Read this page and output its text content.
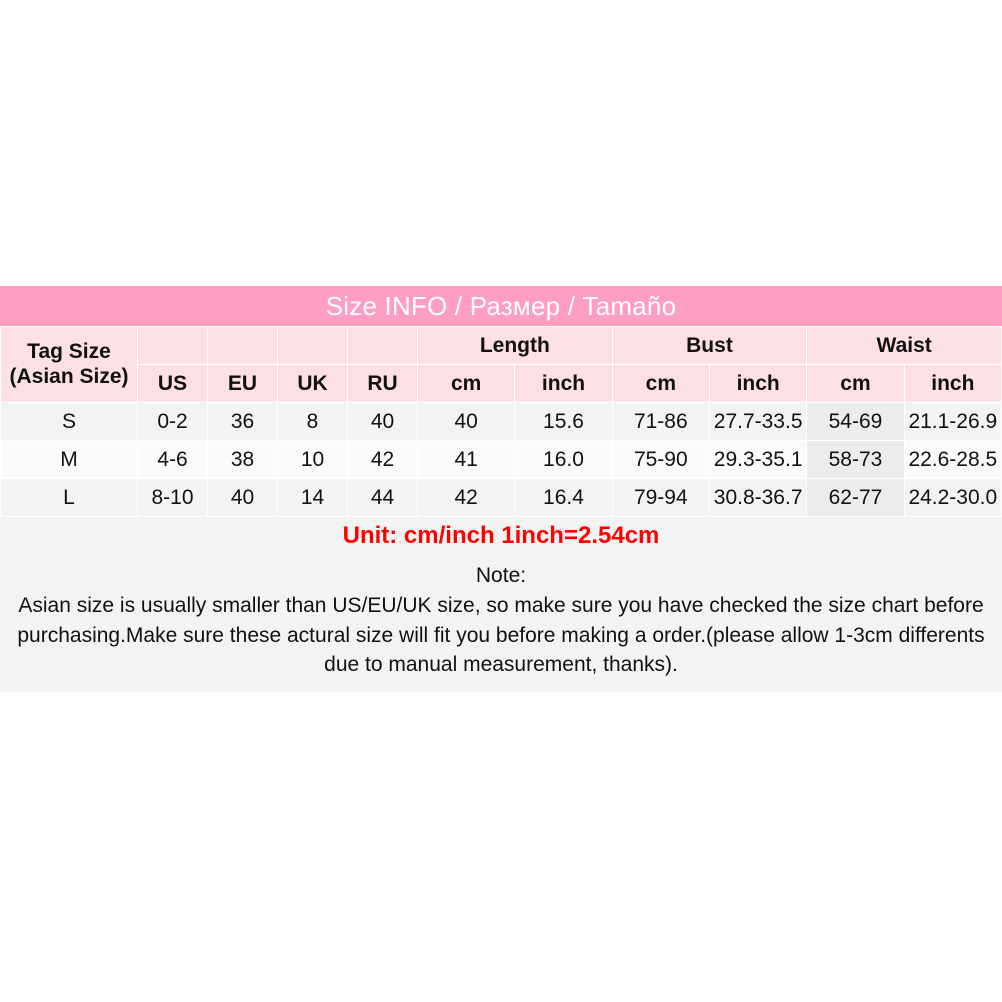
Size INFO / Размер / Tamaño
Tag Size (Asian Size)					Length		Bust		Waist	
	US	EU	UK	RU	cm	inch	cm	inch	cm	inch
S	0-2	36	8	40	40	15.6	71-86	27.7-33.5	54-69	21.1-26.9
M	4-6	38	10	42	41	16.0	75-90	29.3-35.1	58-73	22.6-28.5
L	8-10	40	14	44	42	16.4	79-94	30.8-36.7	62-77	24.2-30.0
Unit: cm/inch 1inch=2.54cm
Note:
Asian size is usually smaller than US/EU/UK size, so make sure you have checked the size chart before purchasing.Make sure these actural size will fit you before making a order.(please allow 1-3cm differents due to manual measurement, thanks).
